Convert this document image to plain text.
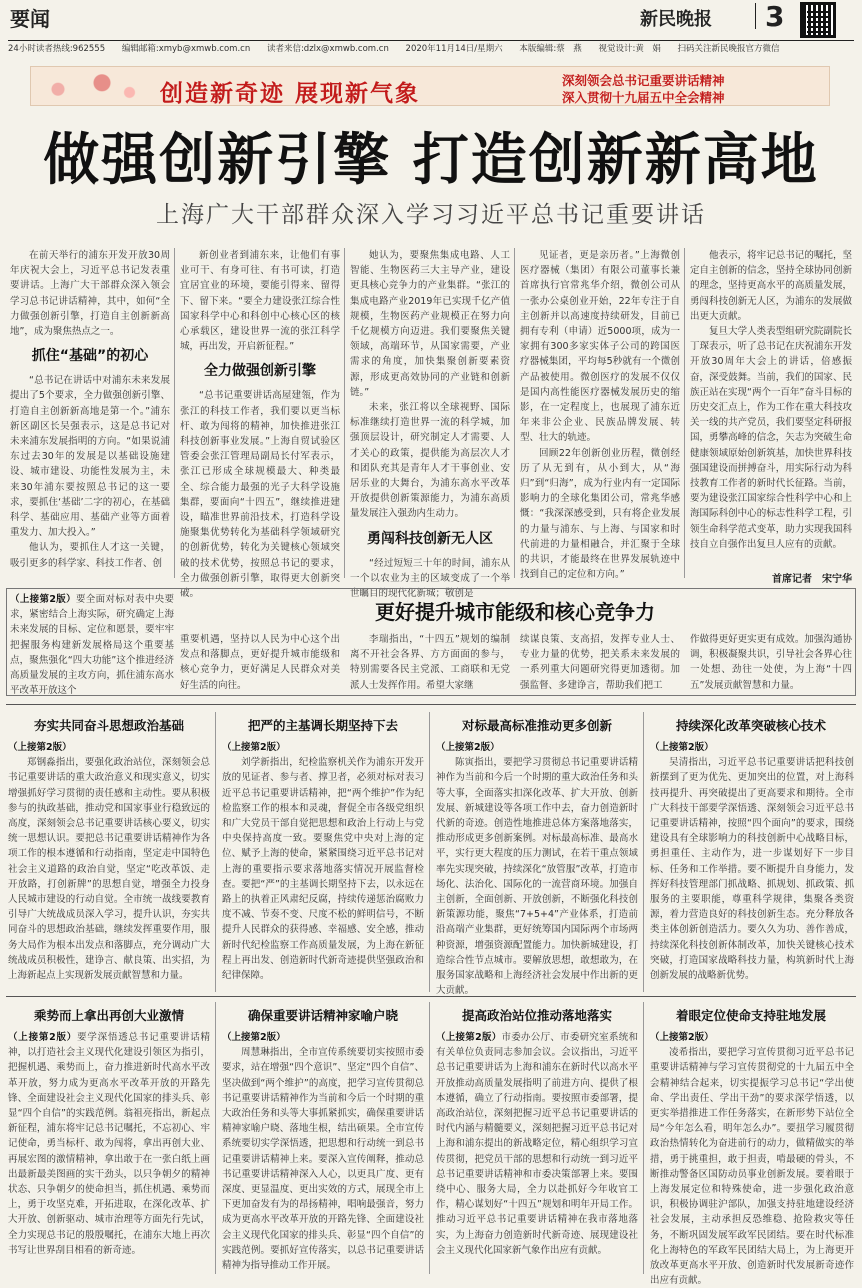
要闻	新民晚报 3
24小时读者热线:962555 编辑邮箱:xmyb@xmwb.com.cn 读者来信:dzlx@xmwb.com.cn 2020年11月14日/星期六 本版编辑:蔡　燕 视觉设计:黄　娟 扫码关注新民晚报官方微信
创造新奇迹 展现新气象	深刻领会总书记重要讲话精神
深入贯彻十九届五中全会精神
做强创新引擎 打造创新新高地
上海广大干部群众深入学习习近平总书记重要讲话

在前天举行的浦东开发开放30周年庆祝大会上，习近平总书记发表重要讲话。上海广大干部群众深入领会学习总书记讲话精神，其中，如何“全力做强创新引擎，打造自主创新新高地”，成为聚焦热点之一。

抓住“基础”的初心

“总书记在讲话中对浦东未来发展提出了5个要求，全力做强创新引擎、打造自主创新新高地是第一个。”浦东新区副区长吴强表示，这是总书记对未来浦东发展指明的方向。“如果说浦东过去30年的发展是以基础设施建设、城市建设、功能性发展为主，未来30年浦东要按照总书记的这一要求，要抓住‘基础’二字的初心，在基础科学、基础应用、基础产业等方面着重发力、加大投入。”

他认为，要抓住人才这一关键，吸引更多的科学家、科技工作者、创

新创业者到浦东来，让他们有事业可干、有身可往、有书可读，打造宜居宜业的环境，要能引得来、留得下、留下来。“要全力建设张江综合性国家科学中心和科创中心核心区的核心承载区，建设世界一流的张江科学城，再出发，开启新征程。”

全力做强创新引擎

“总书记重要讲话高屋建瓴，作为张江的科技工作者，我们要以更当标杆、敢为闯将的精神，加快推进张江科技创新事业发展。”上海自贸试验区管委会张江管理局副局长付军表示，张江已形成全球规模最大、种类最全、综合能力最强的光子大科学设施集群，要面向“十四五”，继续推进建设，瞄准世界前沿技术，打造科学设施聚集优势转化为基础科学领域研究的创新优势，转化为关键核心领域突破的技术优势，按照总书记的要求，全力做强创新引擎，取得更大创新突破。

她认为，要聚焦集成电路、人工智能、生物医药三大主导产业，建设更具核心竞争力的产业集群。“张江的集成电路产业2019年已实现千亿产值规模，生物医药产业规模正在努力向千亿规模方向迈进。我们要聚焦关键领域，高端环节，从国家需要，产业需求的角度，加快集聚创新要素资源，形成更高效协同的产业链和创新链。”

未来，张江将以全球视野、国际标准继续打造世界一流的科学城，加强顶层设计，研究制定人才需要、人才关心的政策，提供能为高层次人才和团队充其是青年人才干事创业、安居乐业的大舞台，为浦东高水平改革开放提供创新策源能力，为浦东高质量发展注入强劲内生动力。

勇闯科技创新无人区

“经过短短三十年的时间，浦东从一个以农业为主的区域变成了一个举世瞩目的现代化新城；敬创是

见证者，更是亲历者。”上海微创医疗器械（集团）有限公司董事长兼首席执行官常兆华介绍，微创公司从一张办公桌创业开始，22年专注于自主创新并以高速度持续研发，目前已拥有专利（申请）近5000项，成为一家拥有300多家实体子公司的跨国医疗器械集团，平均每5秒就有一个微创产品被使用。微创医疗的发展不仅仅是国内高性能医疗器械发展历史的缩影，在一定程度上，也展现了浦东近年来非公企业、民族品牌发展、转型、壮大的轨迹。

回顾22年创新创业历程，微创经历了从无到有，从小到大，从“海归”到“归海”，成为行业内有一定国际影响力的全球化集团公司，常兆华感慨：“我深深感受到，只有将企业发展的力量与浦东、与上海、与国家和时代前进的力量相融合，并汇聚于全球的共识，才能最终在世界发展轨迹中找到自己的定位和方向。”

他表示，将牢记总书记的嘱托，坚定自主创新的信念，坚持全球协同创新的理念，坚持更高水平的高质量发展，勇闯科技创新无人区，为浦东的发展做出更大贡献。

复旦大学人类表型组研究院副院长丁琛表示，听了总书记在庆祝浦东开发开放30周年大会上的讲话，倍感振奋，深受鼓舞。当前，我们的国家、民族正站在实现“两个一百年”奋斗目标的历史交汇点上，作为工作在重大科技攻关一线的共产党员，我们要坚定科研报国，勇攀高峰的信念，矢志为突破生命健康领域原始创新筑基，加快世界科技强国建设而拼搏奋斗，用实际行动为科技教育工作者的新时代长征路。当前，要为建设张江国家综合性科学中心和上海国际科创中心的标志性科学工程，引领生命科学范式变革，助力实现我国科技自立自强作出复旦人应有的贡献。

首席记者　宋宁华

（上接第2版）要全面对标对表中央要求，紧密结合上海实际，研究确定上海未来发展的目标、定位和愿景，要牢牢把握服务构建新发展格局这个重要基点，聚焦强化“四大功能”这个推进经济高质量发展的主攻方向，抓住浦东高水平改革开放这个

更好提升城市能级和核心竞争力

重要机遇，坚持以人民为中心这个出发点和落脚点，更好提升城市能级和核心竞争力，更好满足人民群众对美好生活的向往。

李瑞指出，“十四五”规划的编制离不开社会各界、方方面面的参与，特别需要各民主党派、工商联和无党派人士发挥作用。希望大家继

续谋良策、支高招，发挥专业人士、专业力量的优势，把关系未来发展的一系列重大问题研究得更加透彻。加强监督、多建诤言，帮助我们把工

作做得更好更实更有成效。加强沟通协调，积极凝聚共识，引导社会各界心往一处想、劲往一处使，为上海“十四五”发展贡献智慧和力量。

夯实共同奋斗思想政治基础	把严的主基调长期坚持下去	对标最高标准推动更多创新	持续深化改革突破核心技术
（上接第2版）

郑钢淼指出，要强化政治站位，深刻领会总书记重要讲话的重大政治意义和现实意义，切实增强抓好学习贯彻的责任感和主动性。要从积极参与的执政基础，推动党和国家事业行稳致远的高度，深刻领会总书记重要讲话核心要义，切实统一思想认识。要把总书记重要讲话精神作为各项工作的根本遵循和行动指南，坚定走中国特色社会主义道路的政治自觉，坚定“吃改革饭、走开放路，打创新牌”的思想自觉，增强全力投身人民城市建设的行动自觉。全市统一战线要教育引导广大统战成员深入学习，提升认识，夯实共同奋斗的思想政治基础，继续发挥重要作用，服务大局作为根本出发点和落脚点，充分调动广大统战成员积极性，建诤言、献良策、出实招，为上海新起点上实现新发展贡献智慧和力量。

（上接第2版）

刘学新指出，纪检监察机关作为浦东开发开放的见证者、参与者、撑卫者，必须对标对表习近平总书记重要讲话精神，把“两个维护”作为纪检监察工作的根本和灵魂，督促全市各级党组织和广大党员干部自觉把思想和政治上行动上与党中央保持高度一致。要聚焦党中央对上海的定位、赋予上海的使命，紧紧围绕习近平总书记对上海的重要指示要求落地落实情况开展监督检查。要把“严”的主基调长期坚持下去，以永远在路上的执着正风肃纪反腐，持续传递惩治腐败力度不减、节奏不变、尺度不松的鲜明信号，不断提升人民群众的获得感、幸福感、安全感，推动新时代纪检监察工作高质量发展，为上海在新征程上再出发、创造新时代新奇迹提供坚强政治和纪律保障。

（上接第2版）

陈寅指出，要把学习贯彻总书记重要讲话精神作为当前和今后一个时期的重大政治任务和头等大事，全面落实扣深化改革、扩大开放、创新发展、新城建设等各项工作中去，奋力创造新时代新的奇迹。创造性地推进总体方案落地落实，推动形成更多创新案例。对标最高标准、最高水平，实行更大程度的压力测试，在若干重点领域率先实现突破，持续深化“放管服”改革，打造市场化、法治化、国际化的一流营商环境。加强自主创新，全面创新、开放创新，不断强化科技创新策源功能，聚焦“7+5+4”产业体系，打造前沿高端产业集群，更好统筹国内国际两个市场两种资源，增强资源配置能力。加快新城建设，打造综合性节点城市。要解放思想，敢想敢为，在服务国家战略和上海经济社会发展中作出新的更大贡献。

（上接第2版）

吴清指出，习近平总书记重要讲话把科技创新摆到了更为优先、更加突出的位置，对上海科技再提升、再突破提出了更高要求和期待。全市广大科技干部要学深悟透、深刻领会习近平总书记重要讲话精神，按照“四个面向”的要求，围绕建设具有全球影响力的科技创新中心战略目标，勇担重任、主动作为，进一步谋划好下一步目标、任务和工作举措。要不断提升自身能力，发挥好科技管理部门抓战略、抓规划、抓政策、抓服务的主要职能，尊重科学规律，集聚各类资源，着力营造良好的科技创新生态。充分释放各类主体创新创造活力。要久久为功、善作善成，持续深化科技创新体制改革，加快关键核心技术突破，打造国家战略科技力量，构筑新时代上海创新发展的战略新优势。

乘势而上拿出再创大业激情	确保重要讲话精神家喻户晓	提高政治站位推动落地落实	着眼定位使命支持驻地发展

（上接第2版）要学深悟透总书记重要讲话精神，以打造社会主义现代化建设引领区为指引，把握机遇、乘势而上，奋力推进新时代高水平改革开放，努力成为更高水平改革开放的开路先锋、全面建设社会主义现代化国家的排头兵、彰显“四个自信”的实践范例。翁祖亮指出，新起点新征程，浦东将牢记总书记嘱托，不忘初心、牢记使命，勇当标杆、敢为闯将，拿出再创大业、再展宏图的激情精神，拿出敢于在一张白纸上画出最新最美图画的实干劲头，以只争朝夕的精神状态、只争朝夕的使命担当，抓住机遇、乘势而上，勇于攻坚克难，开拓进取，在深化改革、扩大开放、创新驱动、城市治理等方面先行先试，全力实现总书记的殷殷嘱托，在浦东大地上再次书写让世界刮目相看的新奇迹。

（上接第2版）

周慧琳指出，全市宣传系统要切实按照市委要求，站在增强“四个意识”、坚定“四个自信”、坚决做到“两个维护”的高度，把学习宣传贯彻总书记重要讲话精神作为当前和今后一个时期的重大政治任务和头等大事抓紧抓实，确保重要讲话精神家喻户晓、落地生根，结出硕果。全市宣传系统要切实学深悟透，把思想和行动统一到总书记重要讲话精神上来。要深入宣传阐释，推动总书记重要讲话精神深入人心，以更具广度、更有深度、更显温度、更出实效的方式，展现全市上下更加奋发有为的昂扬精神，唱响最强音，努力成为更高水平改革开放的开路先锋、全面建设社会主义现代化国家的排头兵、彰显“四个自信”的实践范例。要抓好宣传落实，以总书记重要讲话精神为指导推动工作开展。

（上接第2版）市委办公厅、市委研究室系统和有关单位负责同志参加会议。会议指出，习近平总书记重要讲话为上海和浦东在新时代以高水平开放推动高质量发展指明了前进方向、提供了根本遵循，确立了行动指南。要按照市委部署，提高政治站位，深刻把握习近平总书记重要讲话的时代内涵与精髓要义，深刻把握习近平总书记对上海和浦东提出的新战略定位，精心组织学习宣传贯彻，把党员干部的思想和行动统一到习近平总书记重要讲话精神和市委决策部署上来。要围绕中心、服务大局，全力以赴抓好今年收官工作，精心谋划好“十四五”规划和明年开局工作。推动习近平总书记重要讲话精神在我市落地落实，为上海奋力创造新时代新奇迹、展现建设社会主义现代化国家新气象作出应有贡献。

（上接第2版）

凌希指出，要把学习宣传贯彻习近平总书记重要讲话精神与学习宣传贯彻党的十九届五中全会精神结合起来，切实提振学习总书记“学出使命、学出责任、学出干劲”的要求深学悟透，以更实举措推进工作任务落实，在新形势下站位全局“今年怎么看，明年怎么办”。要扭学习履贯彻政治热情转化为奋进前行的动力，做精做实的举措，勇于挑重担，敢于担责，啃最硬的骨头，不断推动警备区国防动员事业创新发展。要着眼于上海发展定位和特殊使命，进一步强化政治意识，积极协调驻沪部队，加强支持驻地建设经济社会发展，主动承担反恐维稳、抢险救灾等任务，不断巩固发展军政军民团结。要在时代标准化上海特色的军政军民团结大局上，为上海更开放改革更高水平开放、创造新时代发展新奇迹作出应有贡献。
